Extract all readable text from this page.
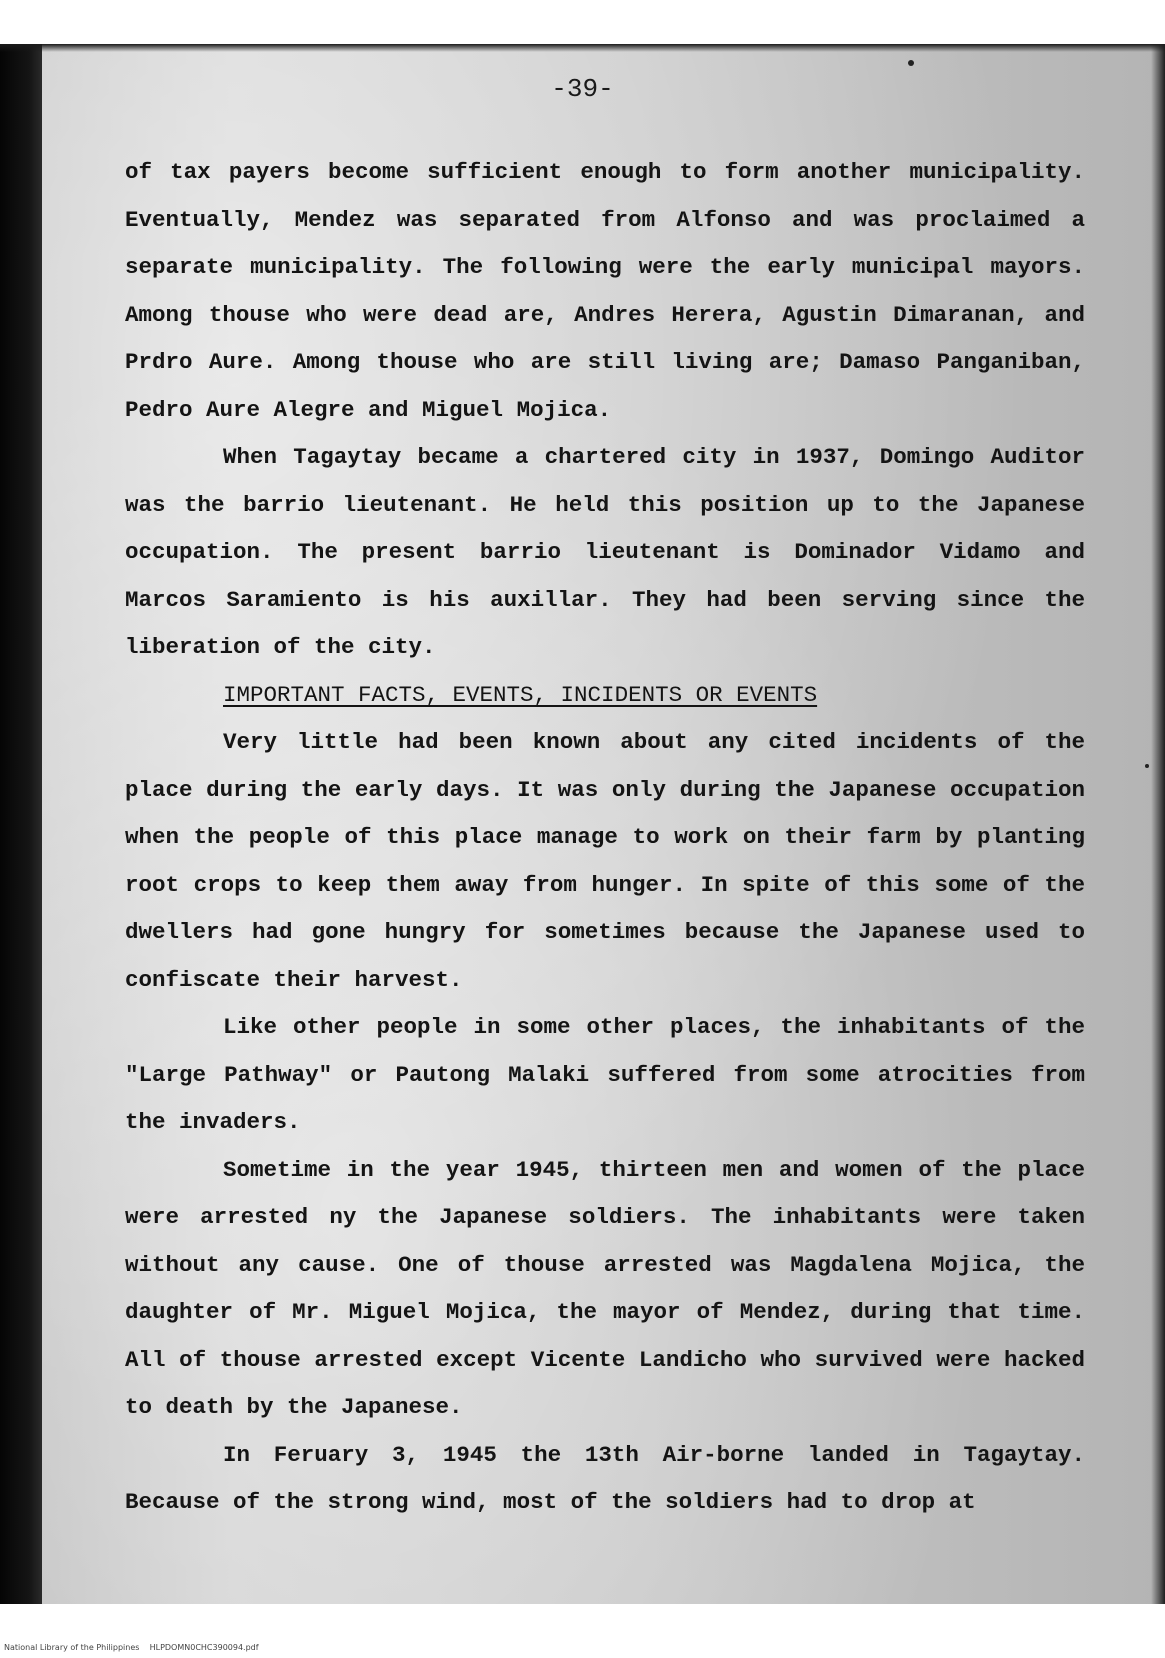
-39-

of tax payers become sufficient enough to form another municipality. Eventually, Mendez was separated from Alfonso and was proclaimed a separate municipality. The following were the early municipal mayors. Among thouse who were dead are, Andres Herera, Agustin Dimaranan, and Prdro Aure. Among thouse who are still living are; Damaso Panganiban, Pedro Aure Alegre and Miguel Mojica.

When Tagaytay became a chartered city in 1937, Domingo Auditor was the barrio lieutenant. He held this position up to the Japanese occupation. The present barrio lieutenant is Dominador Vidamo and Marcos Saramiento is his auxillar. They had been serving since the liberation of the city.

IMPORTANT FACTS, EVENTS, INCIDENTS OR EVENTS

Very little had been known about any cited incidents of the place during the early days. It was only during the Japanese occupation when the people of this place manage to work on their farm by planting root crops to keep them away from hunger. In spite of this some of the dwellers had gone hungry for sometimes because the Japanese used to confiscate their harvest.

Like other people in some other places, the inhabitants of the "Large Pathway" or Pautong Malaki suffered from some atrocities from the invaders.

Sometime in the year 1945, thirteen men and women of the place were arrested ny the Japanese soldiers. The inhabitants were taken without any cause. One of thouse arrested was Magdalena Mojica, the daughter of Mr. Miguel Mojica, the mayor of Mendez, during that time. All of thouse arrested except Vicente Landicho who survived were hacked to death by the Japanese.

In Feruary 3, 1945 the 13th Air-borne landed in Tagaytay. Because of the strong wind, most of the soldiers had to drop at

National Library of the Philippines    HLPDOMN0CHC390094.pdf
